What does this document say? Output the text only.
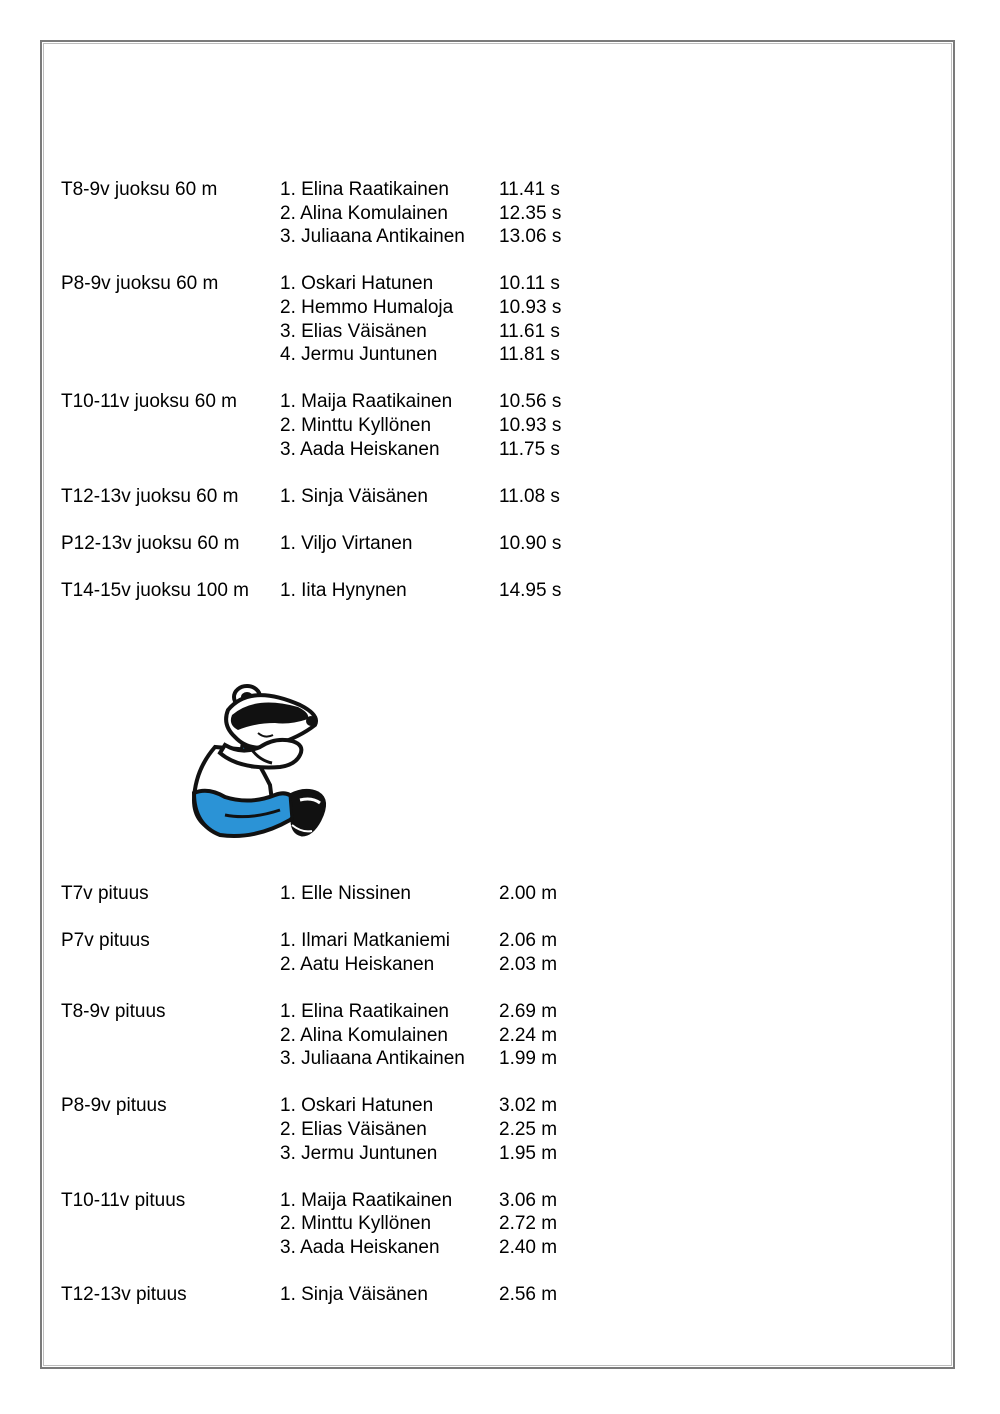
T8-9v juoksu 60 m	1. Elina Raatikainen	11.41 s
2. Alina Komulainen	12.35 s
3. Juliaana Antikainen 13.06 s
P8-9v juoksu 60 m	1. Oskari Hatunen	10.11 s
2. Hemmo Humaloja 10.93 s
3. Elias Väisänen	11.61 s
4. Jermu Juntunen	11.81 s
T10-11v juoksu 60 m 1. Maija Raatikainen 10.56 s
2. Minttu Kyllönen	10.93 s
3. Aada Heiskanen	11.75 s
T12-13v juoksu 60 m 1. Sinja Väisänen	11.08 s
P12-13v juoksu 60 m 1. Viljo Virtanen	10.90 s
T14-15v juoksu 100 m 1. Iita Hynynen	14.95 s
T7v pituus	1. Elle Nissinen	2.00 m
P7v pituus	1. Ilmari Matkaniemi	2.06 m
2. Aatu Heiskanen	2.03 m
T8-9v pituus	1. Elina Raatikainen	2.69 m
2. Alina Komulainen	2.24 m
3. Juliaana Antikainen 1.99 m
P8-9v pituus	1. Oskari Hatunen	3.02 m
2. Elias Väisänen	2.25 m
3. Jermu Juntunen	1.95 m
T10-11v pituus	1. Maija Raatikainen 3.06 m
2. Minttu Kyllönen	2.72 m
3. Aada Heiskanen	2.40 m
T12-13v pituus	1. Sinja Väisänen	2.56 m
